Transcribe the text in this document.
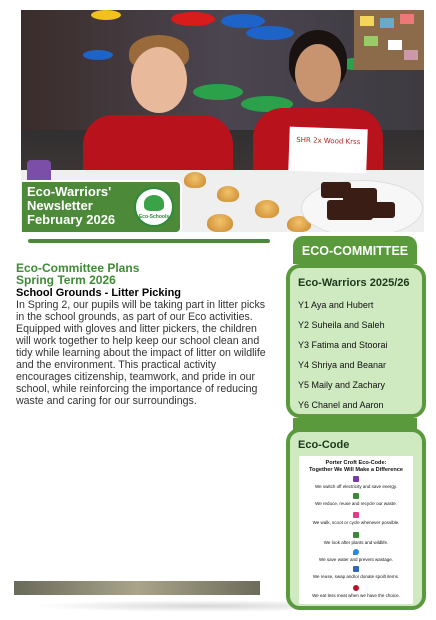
SHR 2x Wood Krss
Eco-Warriors'
Newsletter
February 2026	Eco-Schools
Eco-Committee Plans
Spring Term 2026
School Grounds - Litter Picking

In Spring 2, our pupils will be taking part in litter picks in the school grounds, as part of our Eco activities. Equipped with gloves and litter pickers, the children will work together to help keep our school clean and tidy while learning about the impact of litter on wildlife and the environment. This practical activity encourages citizenship, teamwork, and pride in our school, while reinforcing the importance of reducing waste and caring for our surroundings.

ECO-COMMITTEE
Eco-Warriors 2025/26
Y1 Aya and Hubert
Y2 Suheila and Saleh
Y3 Fatima and Stoorai
Y4 Shriya and Beanar
Y5 Maily and Zachary
Y6 Chanel and Aaron
Eco-Code
Porter Croft Eco-Code:
Together We Will Make a Difference
We switch off electricity and save energy.
We reduce, reuse and recycle our waste.
We walk, scoot or cycle whenever possible.
We look after plants and wildlife.
We save water and prevent wastage.
We reuse, swap and/or donate spoilt items.
We eat less meat when we have the choice.
